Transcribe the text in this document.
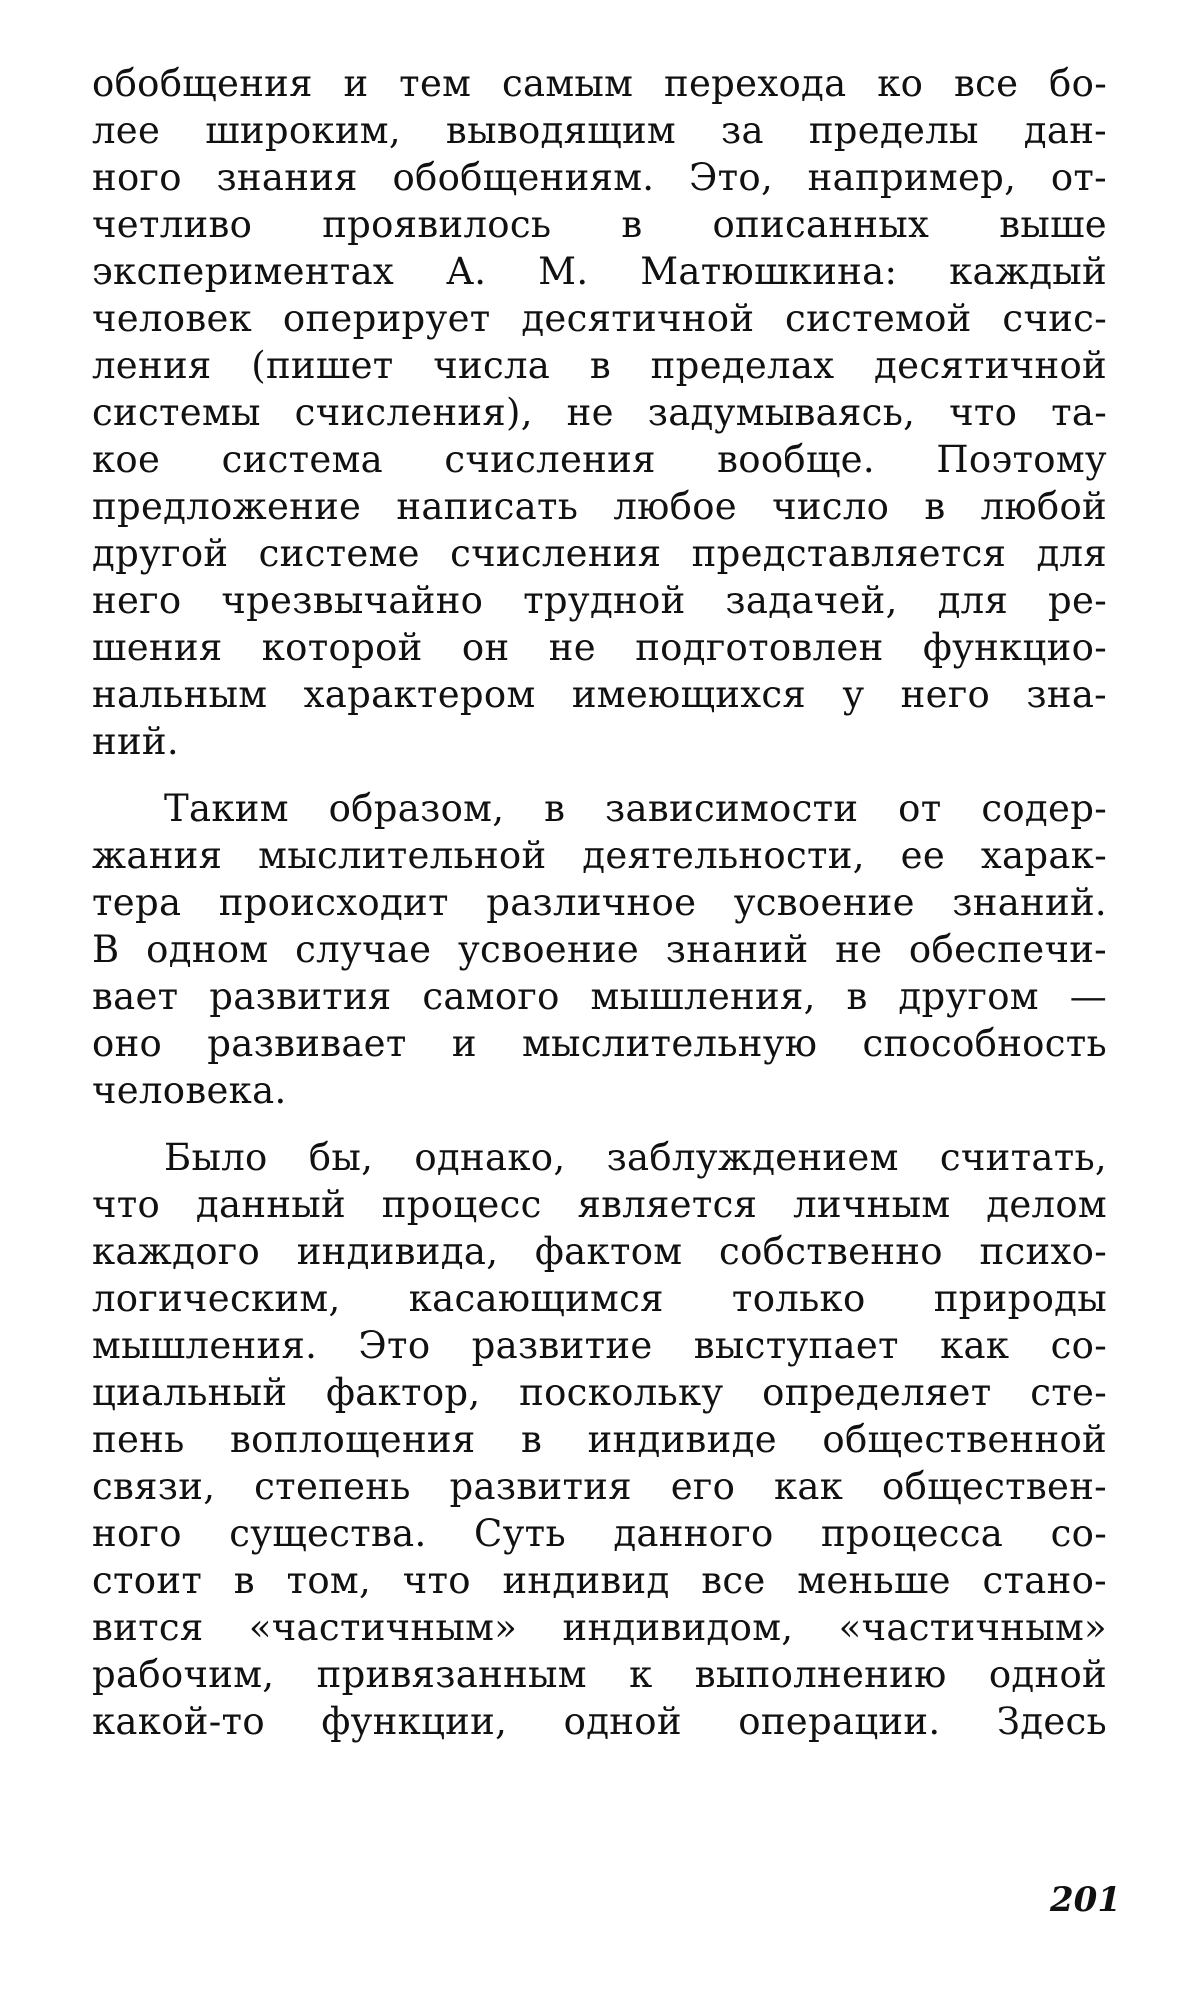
обобщения и тем самым перехода ко все бо-
лее широким, выводящим за пределы дан-
ного знания обобщениям. Это, например, от-
четливо проявилось в описанных выше
экспериментах А. М. Матюшкина: каждый
человек оперирует десятичной системой счис-
ления (пишет числа в пределах десятичной
системы счисления), не задумываясь, что та-
кое система счисления вообще. Поэтому
предложение написать любое число в любой
другой системе счисления представляется для
него чрезвычайно трудной задачей, для ре-
шения которой он не подготовлен функцио-
нальным характером имеющихся у него зна-
ний.
Таким образом, в зависимости от содер-
жания мыслительной деятельности, ее харак-
тера происходит различное усвоение знаний.
В одном случае усвоение знаний не обеспечи-
вает развития самого мышления, в другом —
оно развивает и мыслительную способность
человека.
Было бы, однако, заблуждением считать,
что данный процесс является личным делом
каждого индивида, фактом собственно психо-
логическим, касающимся только природы
мышления. Это развитие выступает как со-
циальный фактор, поскольку определяет сте-
пень воплощения в индивиде общественной
связи, степень развития его как обществен-
ного существа. Суть данного процесса со-
стоит в том, что индивид все меньше стано-
вится «частичным» индивидом, «частичным»
рабочим, привязанным к выполнению одной
какой-то функции, одной операции. Здесь
201
